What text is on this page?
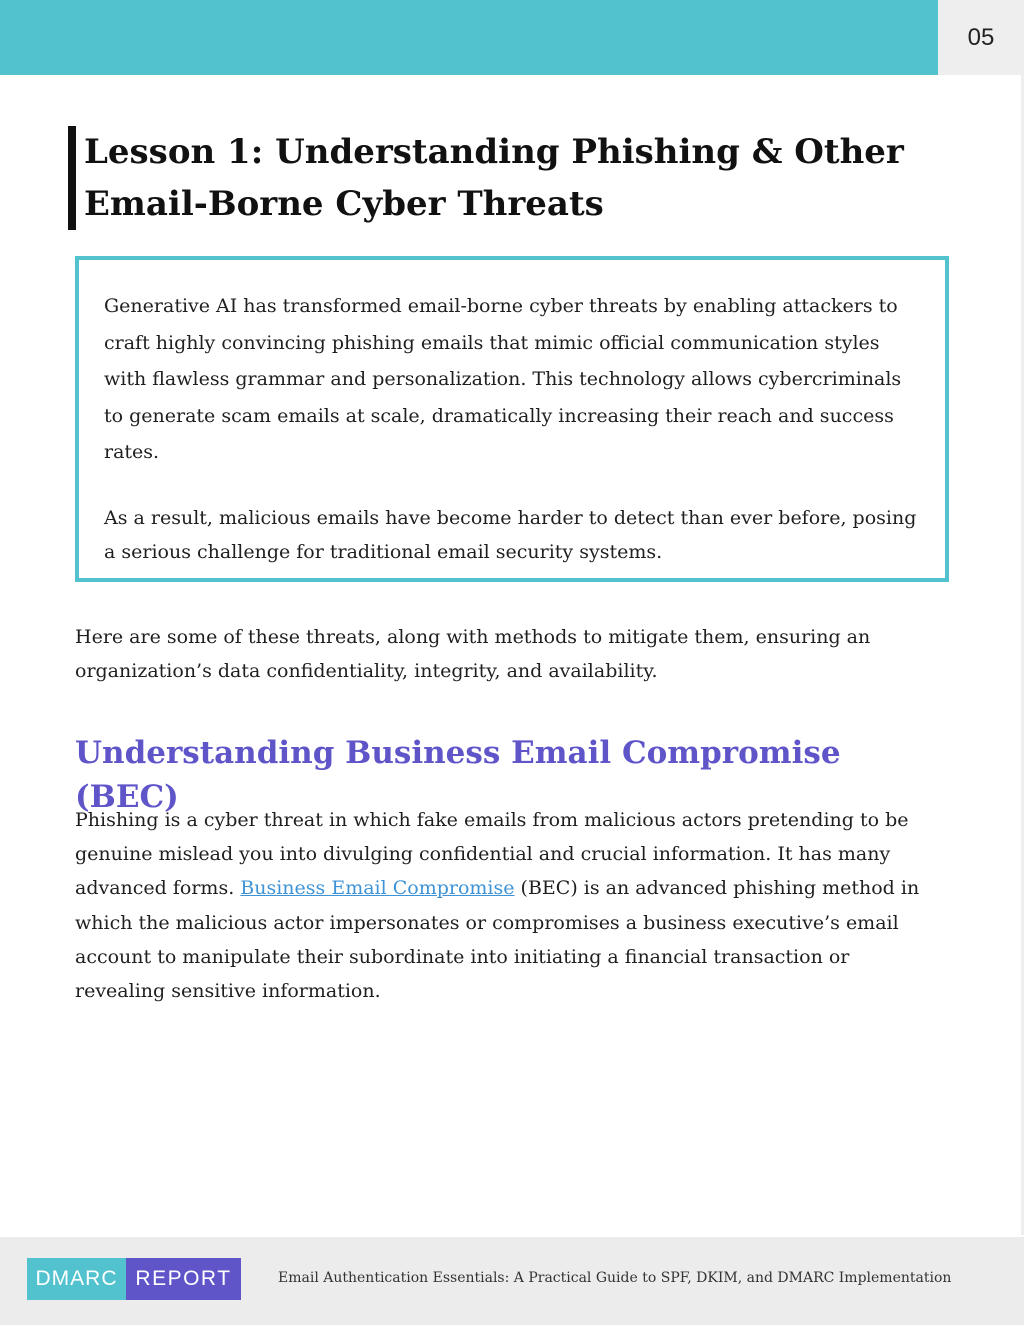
05
Lesson 1: Understanding Phishing & Other
Email-Borne Cyber Threats

Generative AI has transformed email-borne cyber threats by enabling attackers to craft highly convincing phishing emails that mimic official communication styles with flawless grammar and personalization. This technology allows cybercriminals to generate scam emails at scale, dramatically increasing their reach and success rates.

As a result, malicious emails have become harder to detect than ever before, posing a serious challenge for traditional email security systems.

Here are some of these threats, along with methods to mitigate them, ensuring an organization’s data confidentiality, integrity, and availability.

Understanding Business Email Compromise (BEC)

Phishing is a cyber threat in which fake emails from malicious actors pretending to be genuine mislead you into divulging confidential and crucial information. It has many advanced forms. Business Email Compromise (BEC) is an advanced phishing method in which the malicious actor impersonates or compromises a business executive’s email account to manipulate their subordinate into initiating a financial transaction or revealing sensitive information.

DMARC REPORT	Email Authentication Essentials: A Practical Guide to SPF, DKIM, and DMARC Implementation
